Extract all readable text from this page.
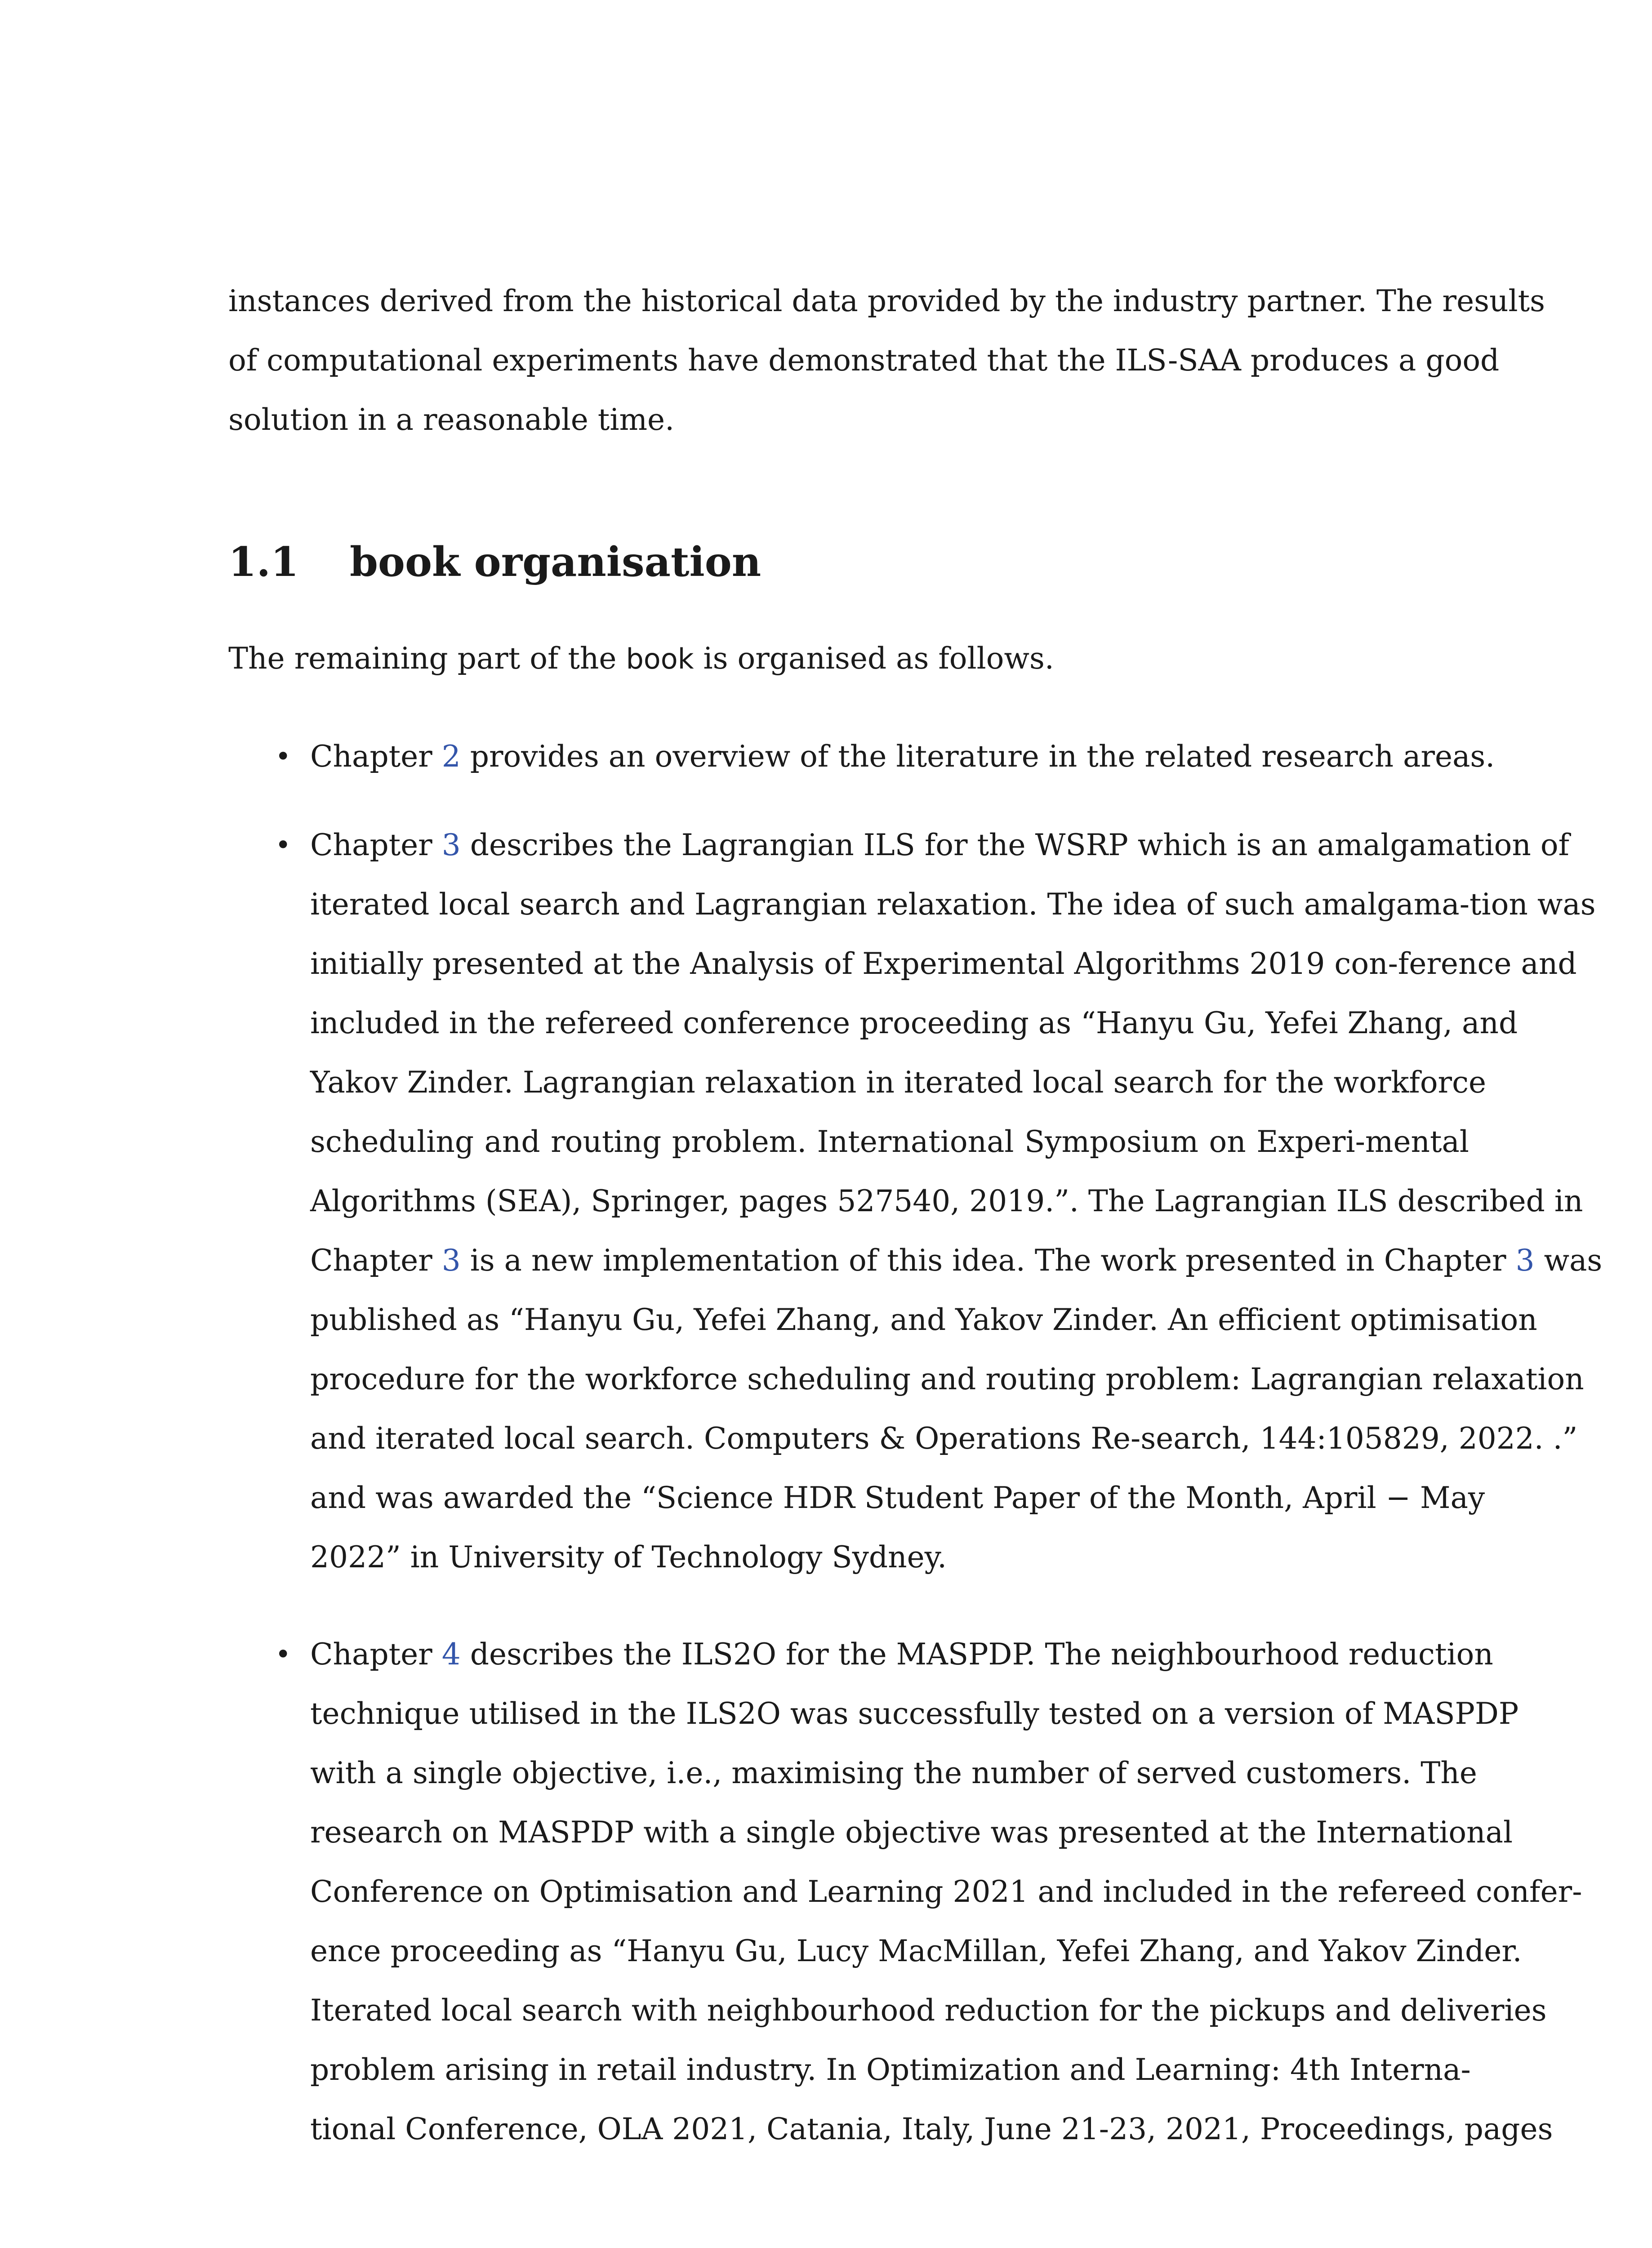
instances derived from the historical data provided by the industry partner. The results
of computational experiments have demonstrated that the ILS-SAA produces a good
solution in a reasonable time.
1.1 book organisation
The remaining part of the book is organised as follows.
• Chapter 2 provides an overview of the literature in the related research areas.
• Chapter 3 describes the Lagrangian ILS for the WSRP which is an amalgamation of
iterated local search and Lagrangian relaxation. The idea of such amalgama-tion was
initially presented at the Analysis of Experimental Algorithms 2019 con-ference and
included in the refereed conference proceeding as “Hanyu Gu, Yefei Zhang, and
Yakov Zinder. Lagrangian relaxation in iterated local search for the workforce
scheduling and routing problem. International Symposium on Experi-mental
Algorithms (SEA), Springer, pages 527540, 2019.”. The Lagrangian ILS described in
Chapter 3 is a new implementation of this idea. The work presented in Chapter 3 was
published as “Hanyu Gu, Yefei Zhang, and Yakov Zinder. An efficient optimisation
procedure for the workforce scheduling and routing problem: Lagrangian relaxation
and iterated local search. Computers & Operations Re-search, 144:105829, 2022. .”
and was awarded the “Science HDR Student Paper of the Month, April − May
2022” in University of Technology Sydney.
• Chapter 4 describes the ILS2O for the MASPDP. The neighbourhood reduction
technique utilised in the ILS2O was successfully tested on a version of MASPDP
with a single objective, i.e., maximising the number of served customers. The
research on MASPDP with a single objective was presented at the International
Conference on Optimisation and Learning 2021 and included in the refereed confer-
ence proceeding as “Hanyu Gu, Lucy MacMillan, Yefei Zhang, and Yakov Zinder.
Iterated local search with neighbourhood reduction for the pickups and deliveries
problem arising in retail industry. In Optimization and Learning: 4th Interna-
tional Conference, OLA 2021, Catania, Italy, June 21-23, 2021, Proceedings, pages
